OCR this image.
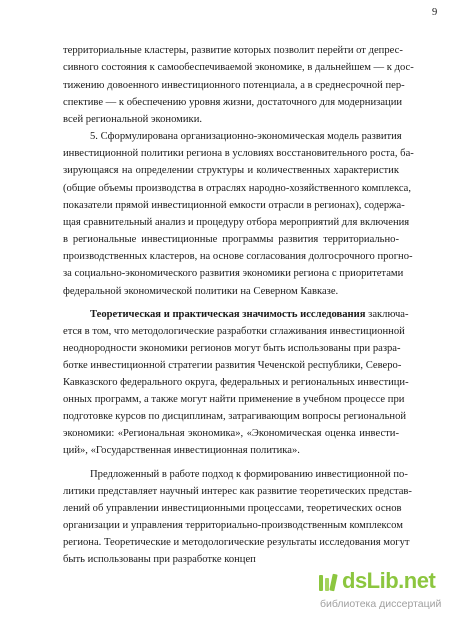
9
территориальные кластеры, развитие которых позволит перейти от депрес-
сивного состояния к самообеспечиваемой экономике, в дальнейшем — к дос-
тижению довоенного инвестиционного потенциала, а в среднесрочной пер-
спективе — к обеспечению уровня жизни, достаточного для модернизации
всей региональной экономики.
5. Сформулирована организационно-экономическая модель развития
инвестиционной политики региона в условиях восстановительного роста, ба-
зирующаяся на определении структуры и количественных характеристик
(общие объемы производства в отраслях народно-хозяйственного комплекса,
показатели прямой инвестиционной емкости отрасли в регионах), содержа-
щая сравнительный анализ и процедуру отбора мероприятий для включения
в региональные инвестиционные программы развития территориально-
производственных кластеров, на основе согласования долгосрочного прогно-
за социально-экономического развития экономики региона с приоритетами
федеральной экономической политики на Северном Кавказе.
Теоретическая и практическая значимость исследования заключа-
ется в том, что методологические разработки сглаживания инвестиционной
неоднородности экономики регионов могут быть использованы при разра-
ботке инвестиционной стратегии развития Чеченской республики, Северо-
Кавказского федерального округа, федеральных и региональных инвестици-
онных программ, а также могут найти применение в учебном процессе при
подготовке курсов по дисциплинам, затрагивающим вопросы региональной
экономики: «Региональная экономика», «Экономическая оценка инвести-
ций», «Государственная инвестиционная политика».
Предложенный в работе подход к формированию инвестиционной по-
литики представляет научный интерес как развитие теоретических представ-
лений об управлении инвестиционными процессами, теоретических основ
организации и управления территориально-производственным комплексом
региона. Теоретические и методологические результаты исследования могут
быть использованы при разработке концеп
dsLib.net
библиотека диссертаций
